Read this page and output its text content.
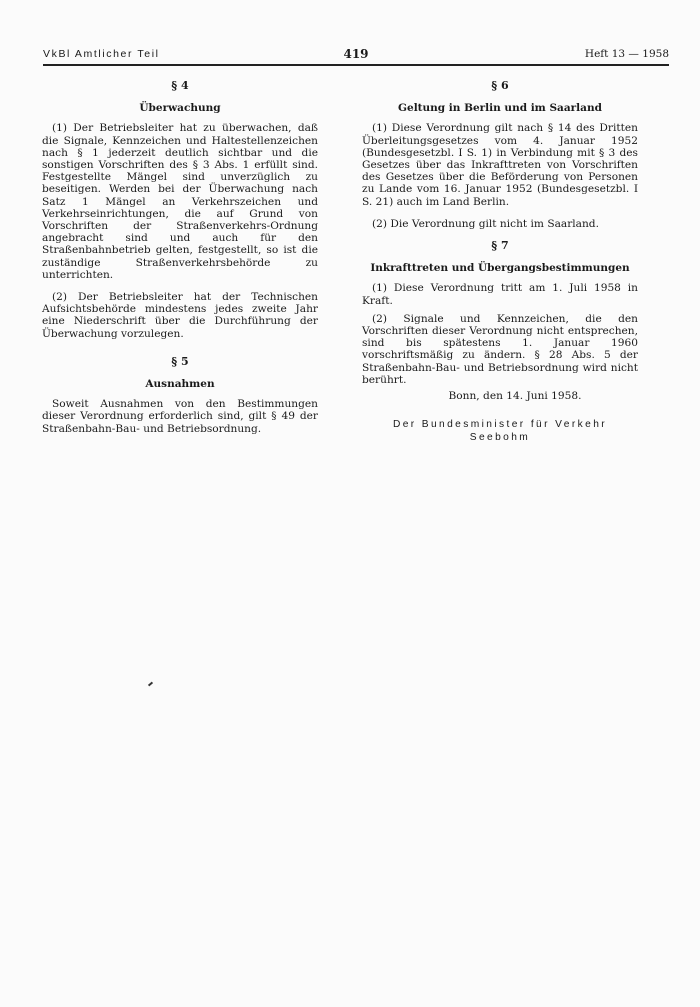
VkBl Amtlicher Teil	419	Heft 13 — 1958
§ 4
Überwachung

(1) Der Betriebsleiter hat zu überwachen, daß die Signale, Kennzeichen und Haltestellenzeichen nach § 1 jederzeit deutlich sichtbar und die sonstigen Vorschriften des § 3 Abs. 1 erfüllt sind. Festgestellte Mängel sind unverzüglich zu beseitigen. Werden bei der Überwachung nach Satz 1 Mängel an Verkehrszeichen und Verkehrseinrichtungen, die auf Grund von Vorschriften der Straßenverkehrs-Ordnung angebracht sind und auch für den Straßenbahnbetrieb gelten, festgestellt, so ist die zuständige Straßenverkehrsbehörde zu unterrichten.

(2) Der Betriebsleiter hat der Technischen Aufsichtsbehörde mindestens jedes zweite Jahr eine Niederschrift über die Durchführung der Überwachung vorzulegen.

§ 5
Ausnahmen

Soweit Ausnahmen von den Bestimmungen dieser Verordnung erforderlich sind, gilt § 49 der Straßenbahn-Bau- und Betriebsordnung.

§ 6
Geltung in Berlin und im Saarland

(1) Diese Verordnung gilt nach § 14 des Dritten Überleitungsgesetzes vom 4. Januar 1952 (Bundesgesetzbl. I S. 1) in Verbindung mit § 3 des Gesetzes über das Inkrafttreten von Vorschriften des Gesetzes über die Beförderung von Personen zu Lande vom 16. Januar 1952 (Bundesgesetzbl. I S. 21) auch im Land Berlin.

(2) Die Verordnung gilt nicht im Saarland.

§ 7
Inkrafttreten und Übergangsbestimmungen

(1) Diese Verordnung tritt am 1. Juli 1958 in Kraft.

(2) Signale und Kennzeichen, die den Vorschriften dieser Verordnung nicht entsprechen, sind bis spätestens 1. Januar 1960 vorschriftsmäßig zu ändern. § 28 Abs. 5 der Straßenbahn-Bau- und Betriebsordnung wird nicht berührt.

Bonn, den 14. Juni 1958.

Der Bundesminister für Verkehr
Seebohm
